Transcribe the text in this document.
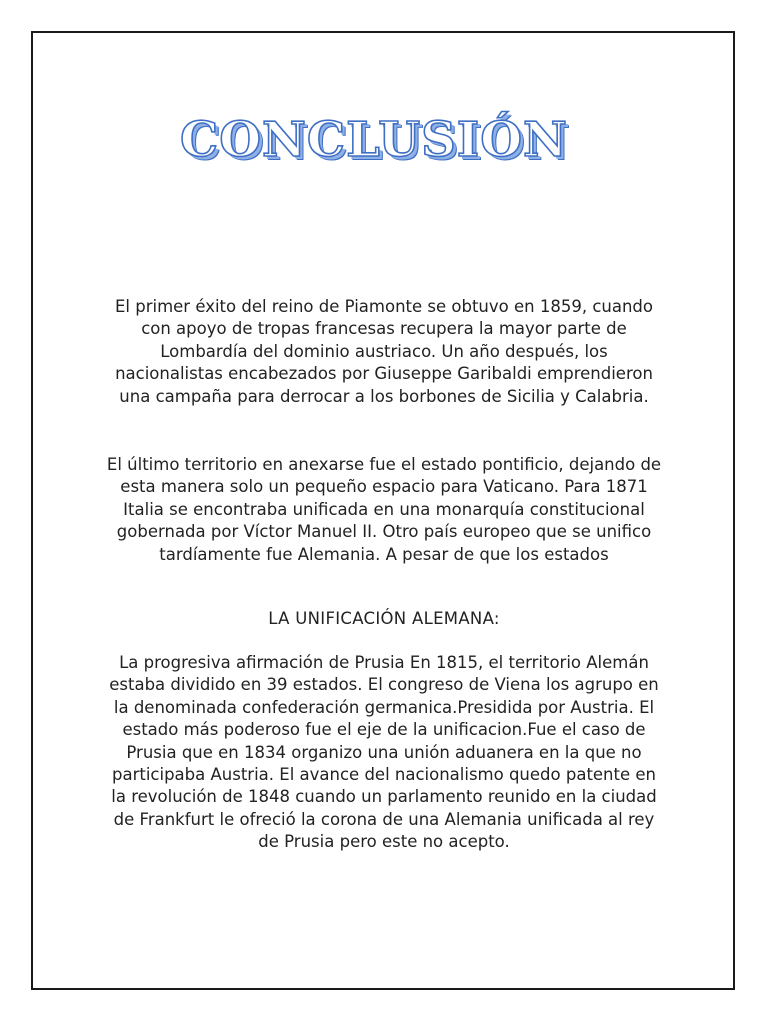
CONCLUSIÓN

El primer éxito del reino de Piamonte se obtuvo en 1859, cuando con apoyo de tropas francesas recupera la mayor parte de Lombardía del dominio austriaco. Un año después, los nacionalistas encabezados por Giuseppe Garibaldi emprendieron una campaña para derrocar a los borbones de Sicilia y Calabria.

El último territorio en anexarse fue el estado pontificio, dejando de esta manera solo un pequeño espacio para Vaticano. Para 1871 Italia se encontraba unificada en una monarquía constitucional gobernada por Víctor Manuel II. Otro país europeo que se unifico tardíamente fue Alemania. A pesar de que los estados

LA UNIFICACIÓN ALEMANA:

La progresiva afirmación de Prusia En 1815, el territorio Alemán estaba dividido en 39 estados. El congreso de Viena los agrupo en la denominada confederación germanica.Presidida por Austria. El estado más poderoso fue el eje de la unificacion.Fue el caso de Prusia que en 1834 organizo una unión aduanera en la que no participaba Austria. El avance del nacionalismo quedo patente en la revolución de 1848 cuando un parlamento reunido en la ciudad de Frankfurt le ofreció la corona de una Alemania unificada al rey de Prusia pero este no acepto.
